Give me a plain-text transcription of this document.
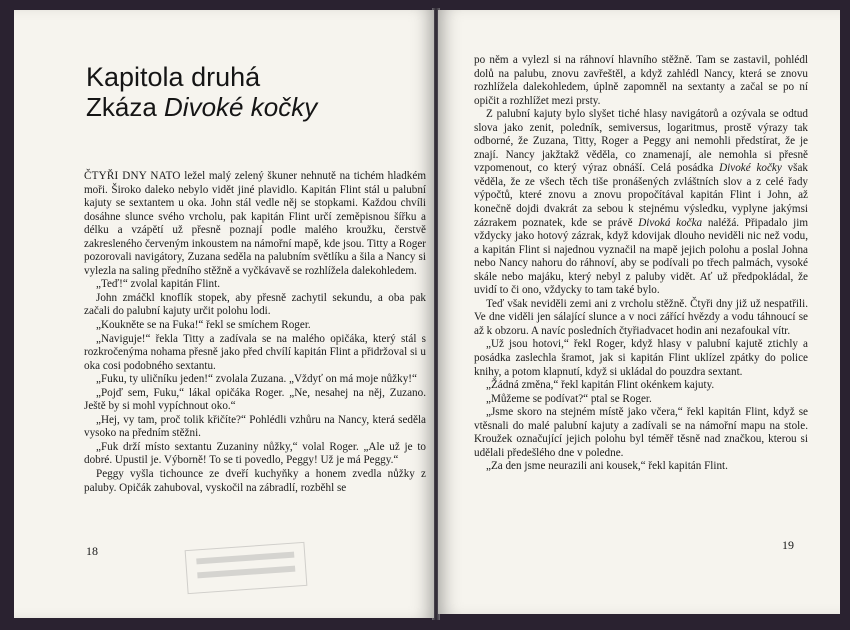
Kapitola druhá
Zkáza Divoké kočky

ČTYŘI DNY NATO ležel malý zelený škuner nehnutě na tichém hladkém moři. Široko daleko nebylo vidět jiné plavidlo. Kapitán Flint stál u palubní kajuty se sextantem u oka. John stál vedle něj se stopkami. Každou chvíli dosáhne slunce svého vrcholu, pak kapitán Flint určí zeměpisnou šířku a délku a vzápětí už přesně poznají podle malého kroužku, čerstvě zakresleného červeným inkoustem na námořní mapě, kde jsou. Titty a Roger pozorovali navigátory, Zuzana seděla na palubním světlíku a šila a Nancy si vylezla na saling předního stěžně a vyčkávavě se rozhlížela dalekohledem.

„Teď!“ zvolal kapitán Flint.

John zmáčkl knoflík stopek, aby přesně zachytil sekundu, a oba pak začali do palubní kajuty určit polohu lodi.

„Koukněte se na Fuka!“ řekl se smíchem Roger.

„Naviguje!“ řekla Titty a zadívala se na malého opičáka, který stál s rozkročenýma nohama přesně jako před chvílí kapitán Flint a přidržoval si u oka cosi podobného sextantu.

„Fuku, ty uličníku jeden!“ zvolala Zuzana. „Vždyť on má moje nůžky!“

„Pojď sem, Fuku,“ lákal opičáka Roger. „Ne, nesahej na něj, Zuzano. Ještě by si mohl vypíchnout oko.“

„Hej, vy tam, proč tolik křičíte?“ Pohlédli vzhůru na Nancy, která seděla vysoko na předním stěžni.

„Fuk drží místo sextantu Zuzaniny nůžky,“ volal Roger. „Ale už je to dobré. Upustil je. Výborně! To se ti povedlo, Peggy! Už je má Peggy.“

Peggy vyšla tichounce ze dveří kuchyňky a honem zvedla nůžky z paluby. Opičák zahuboval, vyskočil na zábradlí, rozběhl se

18

po něm a vylezl si na ráhnoví hlavního stěžně. Tam se zastavil, pohlédl dolů na palubu, znovu zavřeštěl, a když zahlédl Nancy, která se znovu rozhlížela dalekohledem, úplně zapomněl na sextanty a začal se po ní opičit a rozhlížet mezi prsty.

Z palubní kajuty bylo slyšet tiché hlasy navigátorů a ozývala se odtud slova jako zenit, poledník, semiversus, logaritmus, prostě výrazy tak odborné, že Zuzana, Titty, Roger a Peggy ani nemohli předstírat, že je znají. Nancy jakžtakž věděla, co znamenají, ale nemohla si přesně vzpomenout, co který výraz obnáší. Celá posádka Divoké kočky však věděla, že ze všech těch tiše pronášených zvláštních slov a z celé řady výpočtů, které znovu a znovu propočítával kapitán Flint i John, až konečně dojdi dvakrát za sebou k stejnému výsledku, vyplyne jakýmsi zázrakem poznatek, kde se právě Divoká kočka naléžá. Připadalo jim vždycky jako hotový zázrak, když kdovijak dlouho neviděli nic než vodu, a kapitán Flint si najednou vyznačil na mapě jejich polohu a poslal Johna nebo Nancy nahoru do ráhnoví, aby se podívali po třech palmách, vysoké skále nebo majáku, který nebyl z paluby vidět. Ať už předpokládal, že uvidí to či ono, vždycky to tam také bylo.

Teď však neviděli zemi ani z vrcholu stěžně. Čtyři dny již už nespatřili. Ve dne viděli jen sálající slunce a v noci zářící hvězdy a vodu táhnoucí se až k obzoru. A navíc posledních čtyřiadvacet hodin ani nezafoukal vítr.

„Už jsou hotovi,“ řekl Roger, když hlasy v palubní kajutě ztichly a posádka zaslechla šramot, jak si kapitán Flint uklízel zpátky do police knihy, a potom klapnutí, když si ukládal do pouzdra sextant.

„Žádná změna,“ řekl kapitán Flint okénkem kajuty.

„Můžeme se podívat?“ ptal se Roger.

„Jsme skoro na stejném místě jako včera,“ řekl kapitán Flint, když se vtěsnali do malé palubní kajuty a zadívali se na námořní mapu na stole. Kroužek označující jejich polohu byl téměř těsně nad značkou, kterou si udělali předešlého dne v poledne.

„Za den jsme neurazili ani kousek,“ řekl kapitán Flint.

19
